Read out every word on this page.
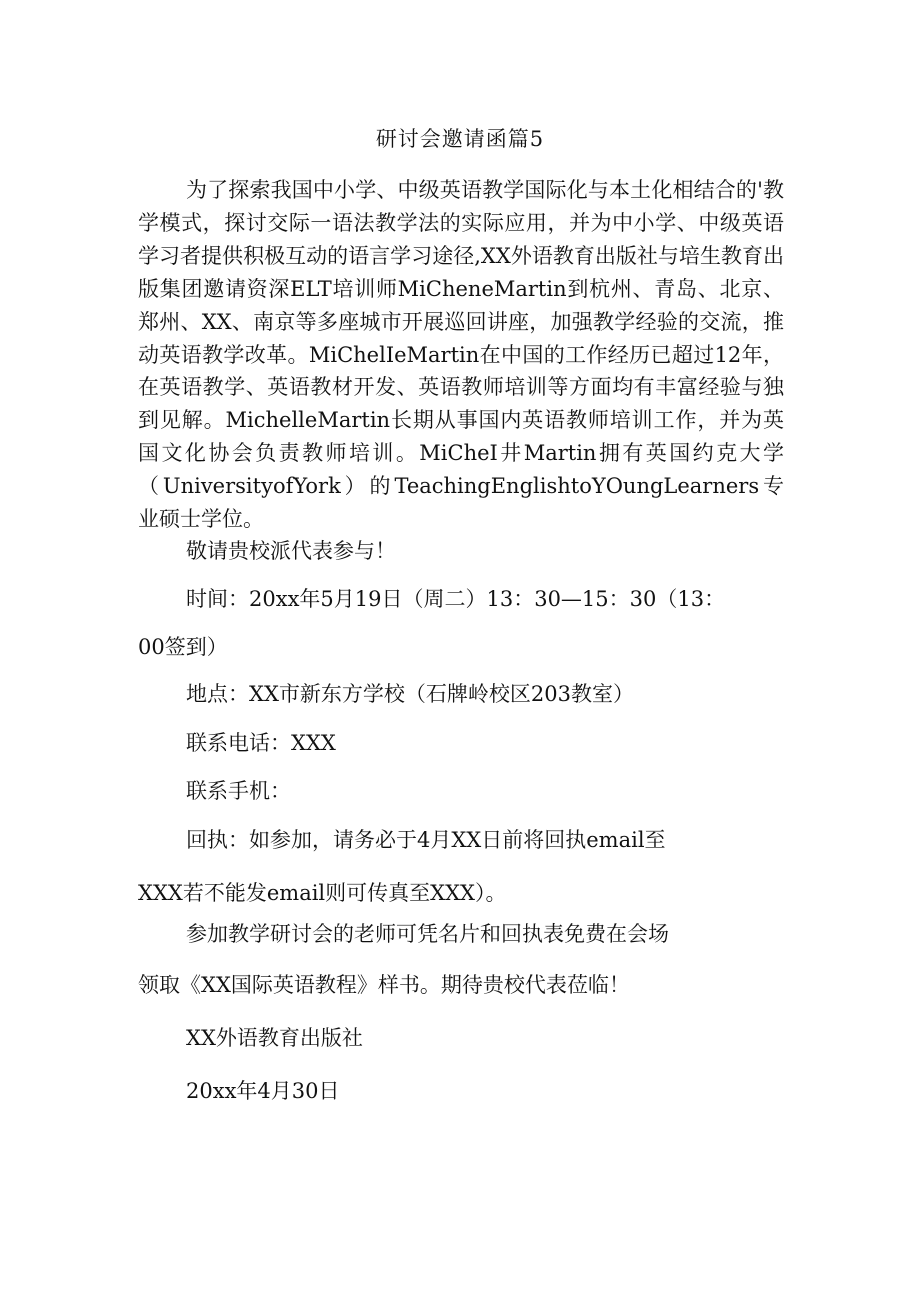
研讨会邀请函篇5

为了探索我国中小学、中级英语教学国际化与本土化相结合的'教学模式，探讨交际一语法教学法的实际应用，并为中小学、中级英语学习者提供积极互动的语言学习途径,XX外语教育出版社与培生教育出版集团邀请资深ELT培训师MiCheneMartin到杭州、青岛、北京、郑州、XX、南京等多座城市开展巡回讲座，加强教学经验的交流，推动英语教学改革。MiChelIeMartin在中国的工作经历已超过12年，在英语教学、英语教材开发、英语教师培训等方面均有丰富经验与独到见解。MichelleMartin长期从事国内英语教师培训工作，并为英国文化协会负责教师培训。MiCheI井Martin拥有英国约克大学（UniversityofYork）的TeachingEnglishtoYOungLearners专业硕士学位。

敬请贵校派代表参与！

时间：20xx年5月19日（周二）13：30—15：30（13：

00签到）

地点：XX市新东方学校（石牌岭校区203教室）

联系电话：XXX

联系手机：

回执：如参加，请务必于4月XX日前将回执email至

XXX若不能发email则可传真至XXX）。

参加教学研讨会的老师可凭名片和回执表免费在会场

领取《XX国际英语教程》样书。期待贵校代表莅临！

XX外语教育出版社

20xx年4月30日
